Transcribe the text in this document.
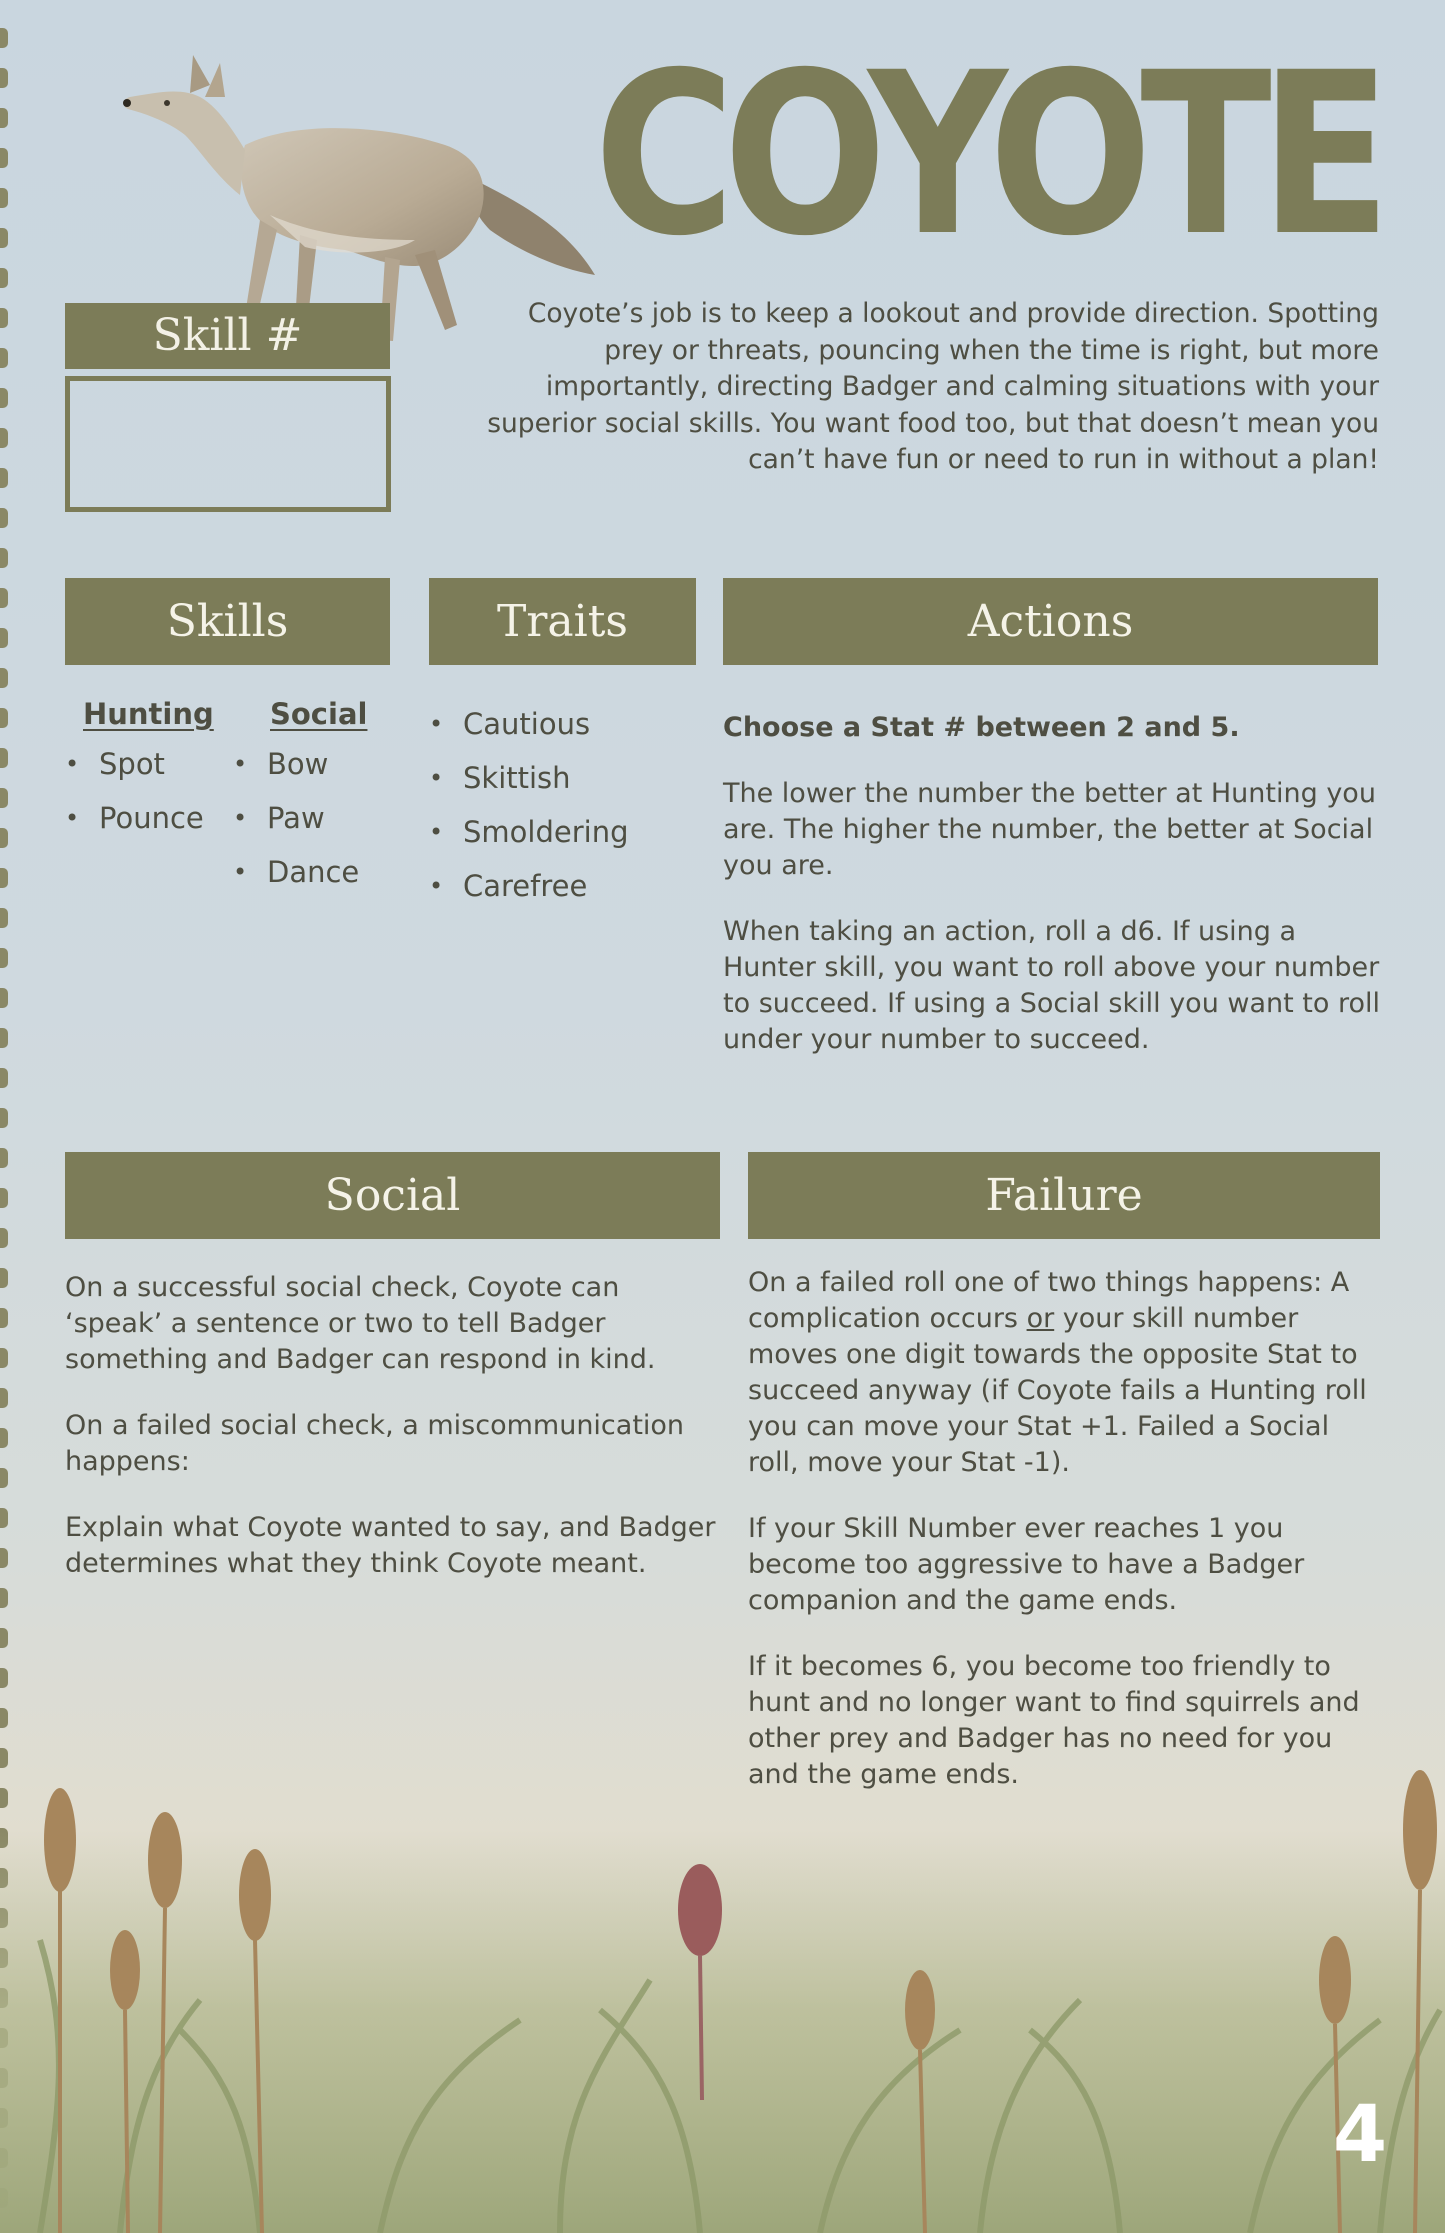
COYOTE
Skill #	Coyote’s job is to keep a lookout and provide direction. Spotting prey or threats, pouncing when the time is right, but more importantly, directing Badger and calming situations with your superior social skills. You want food too, but that doesn’t mean you can’t have fun or need to run in without a plan!
Skills
Hunting
• Spot
• Pounce
Social
• Bow
• Paw
• Dance
Traits
• Cautious
• Skittish
• Smoldering
• Carefree
Actions

Choose a Stat # between 2 and 5.

The lower the number the better at Hunting you are. The higher the number, the better at Social you are.

When taking an action, roll a d6. If using a Hunter skill, you want to roll above your number to succeed. If using a Social skill you want to roll under your number to succeed.

Social

On a successful social check, Coyote can ‘speak’ a sentence or two to tell Badger something and Badger can respond in kind.

On a failed social check, a miscommunication happens:

Explain what Coyote wanted to say, and Badger determines what they think Coyote meant.

Failure

On a failed roll one of two things happens: A complication occurs or your skill number moves one digit towards the opposite Stat to succeed anyway (if Coyote fails a Hunting roll you can move your Stat +1. Failed a Social roll, move your Stat -1).

If your Skill Number ever reaches 1 you become too aggressive to have a Badger companion and the game ends.

If it becomes 6, you become too friendly to hunt and no longer want to find squirrels and other prey and Badger has no need for you and the game ends.

4
